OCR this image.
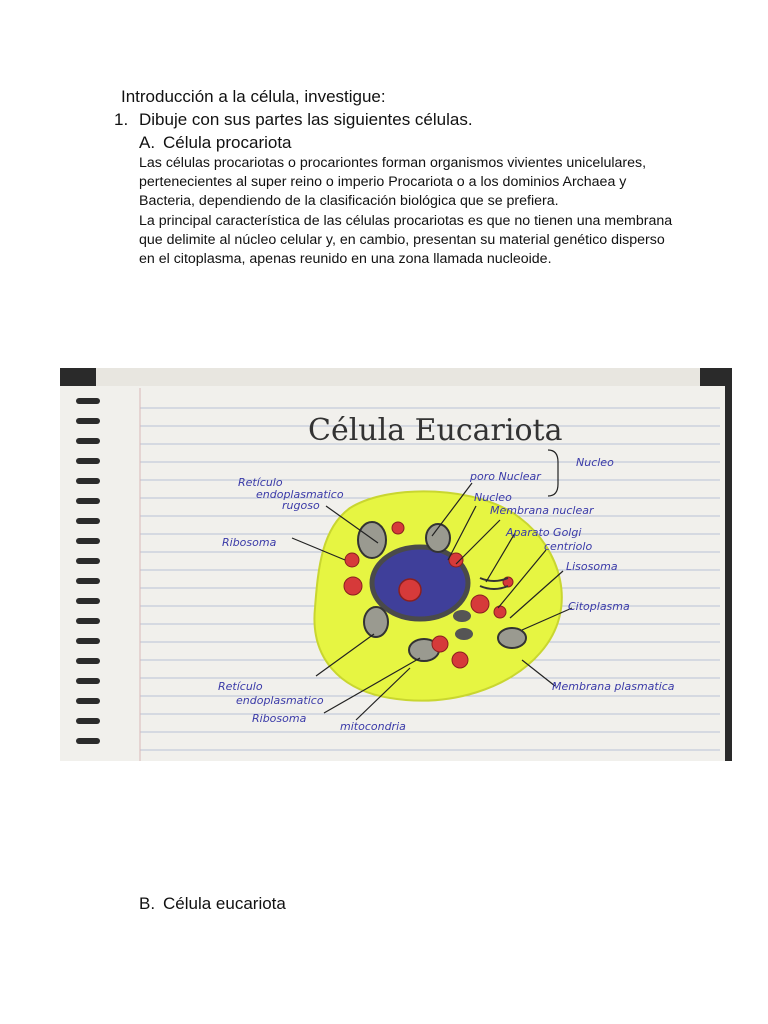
Introducción a la célula, investigue:

1. Dibuje con sus partes las siguientes células.
A. Célula procariota
Las células procariotas o procariontes forman organismos vivientes unicelulares, pertenecientes al super reino o imperio Procariota o a los dominios Archaea y Bacteria, dependiendo de la clasificación biológica que se prefiera.
La principal característica de las células procariotas es que no tienen una membrana que delimite al núcleo celular y, en cambio, presentan su material genético disperso en el citoplasma, apenas reunido en una zona llamada nucleoide.
Célula Eucariota
Retículo
endoplasmatico
rugoso
Ribosoma
poro Nuclear
Nucleo
Membrana nuclear
Nucleo
Aparato Golgi
centriolo
Lisosoma
Citoplasma
Membrana plasmatica
Retículo
endoplasmatico
Ribosoma
mitocondria
B. Célula eucariota
